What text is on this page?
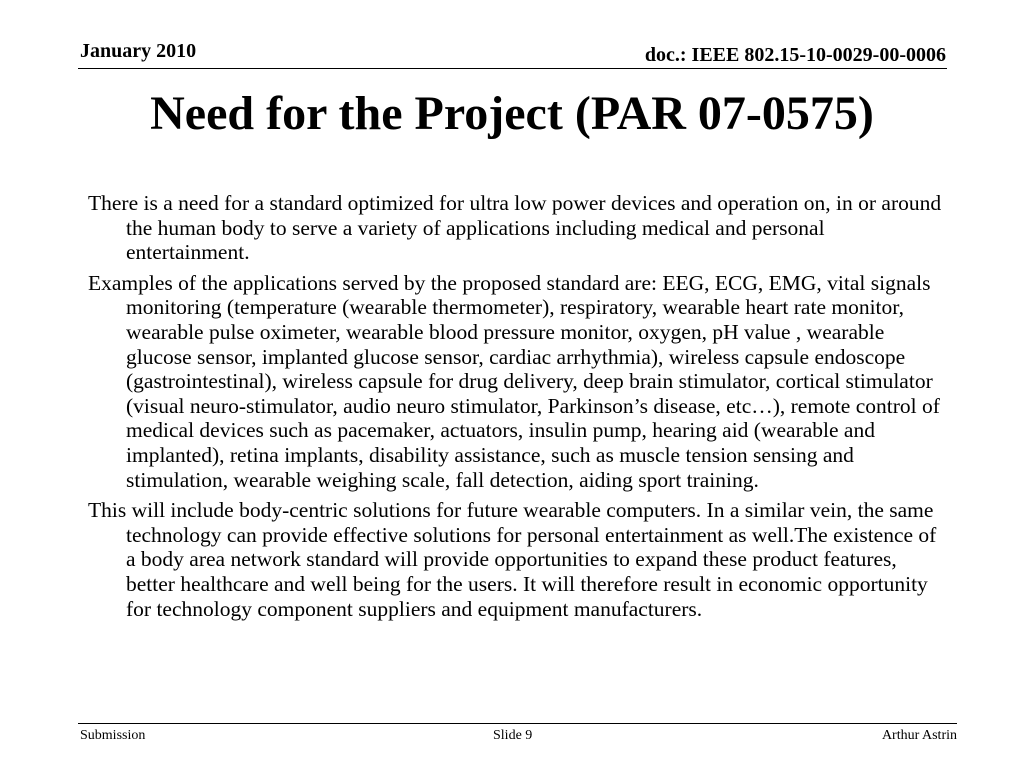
January 2010	doc.: IEEE 802.15-10-0029-00-0006
Need for the Project (PAR 07-0575)

There is a need for a standard optimized for ultra low power devices and operation on, in or around the human body to serve a variety of applications including medical and personal entertainment.

Examples of the applications served by the proposed standard are: EEG, ECG, EMG, vital signals monitoring (temperature (wearable thermometer), respiratory, wearable heart rate monitor, wearable pulse oximeter, wearable blood pressure monitor, oxygen, pH value , wearable glucose sensor, implanted glucose sensor, cardiac arrhythmia), wireless capsule endoscope (gastrointestinal), wireless capsule for drug delivery, deep brain stimulator, cortical stimulator (visual neuro-stimulator, audio neuro stimulator, Parkinson’s disease, etc…), remote control of medical devices such as pacemaker, actuators, insulin pump, hearing aid (wearable and implanted), retina implants, disability assistance, such as muscle tension sensing and stimulation, wearable weighing scale, fall detection, aiding sport training.

This will include body-centric solutions for future wearable computers. In a similar vein, the same technology can provide effective solutions for personal entertainment as well.The existence of a body area network standard will provide opportunities to expand these product features, better healthcare and well being for the users. It will therefore result in economic opportunity for technology component suppliers and equipment manufacturers.

Submission	Slide 9	Arthur Astrin
